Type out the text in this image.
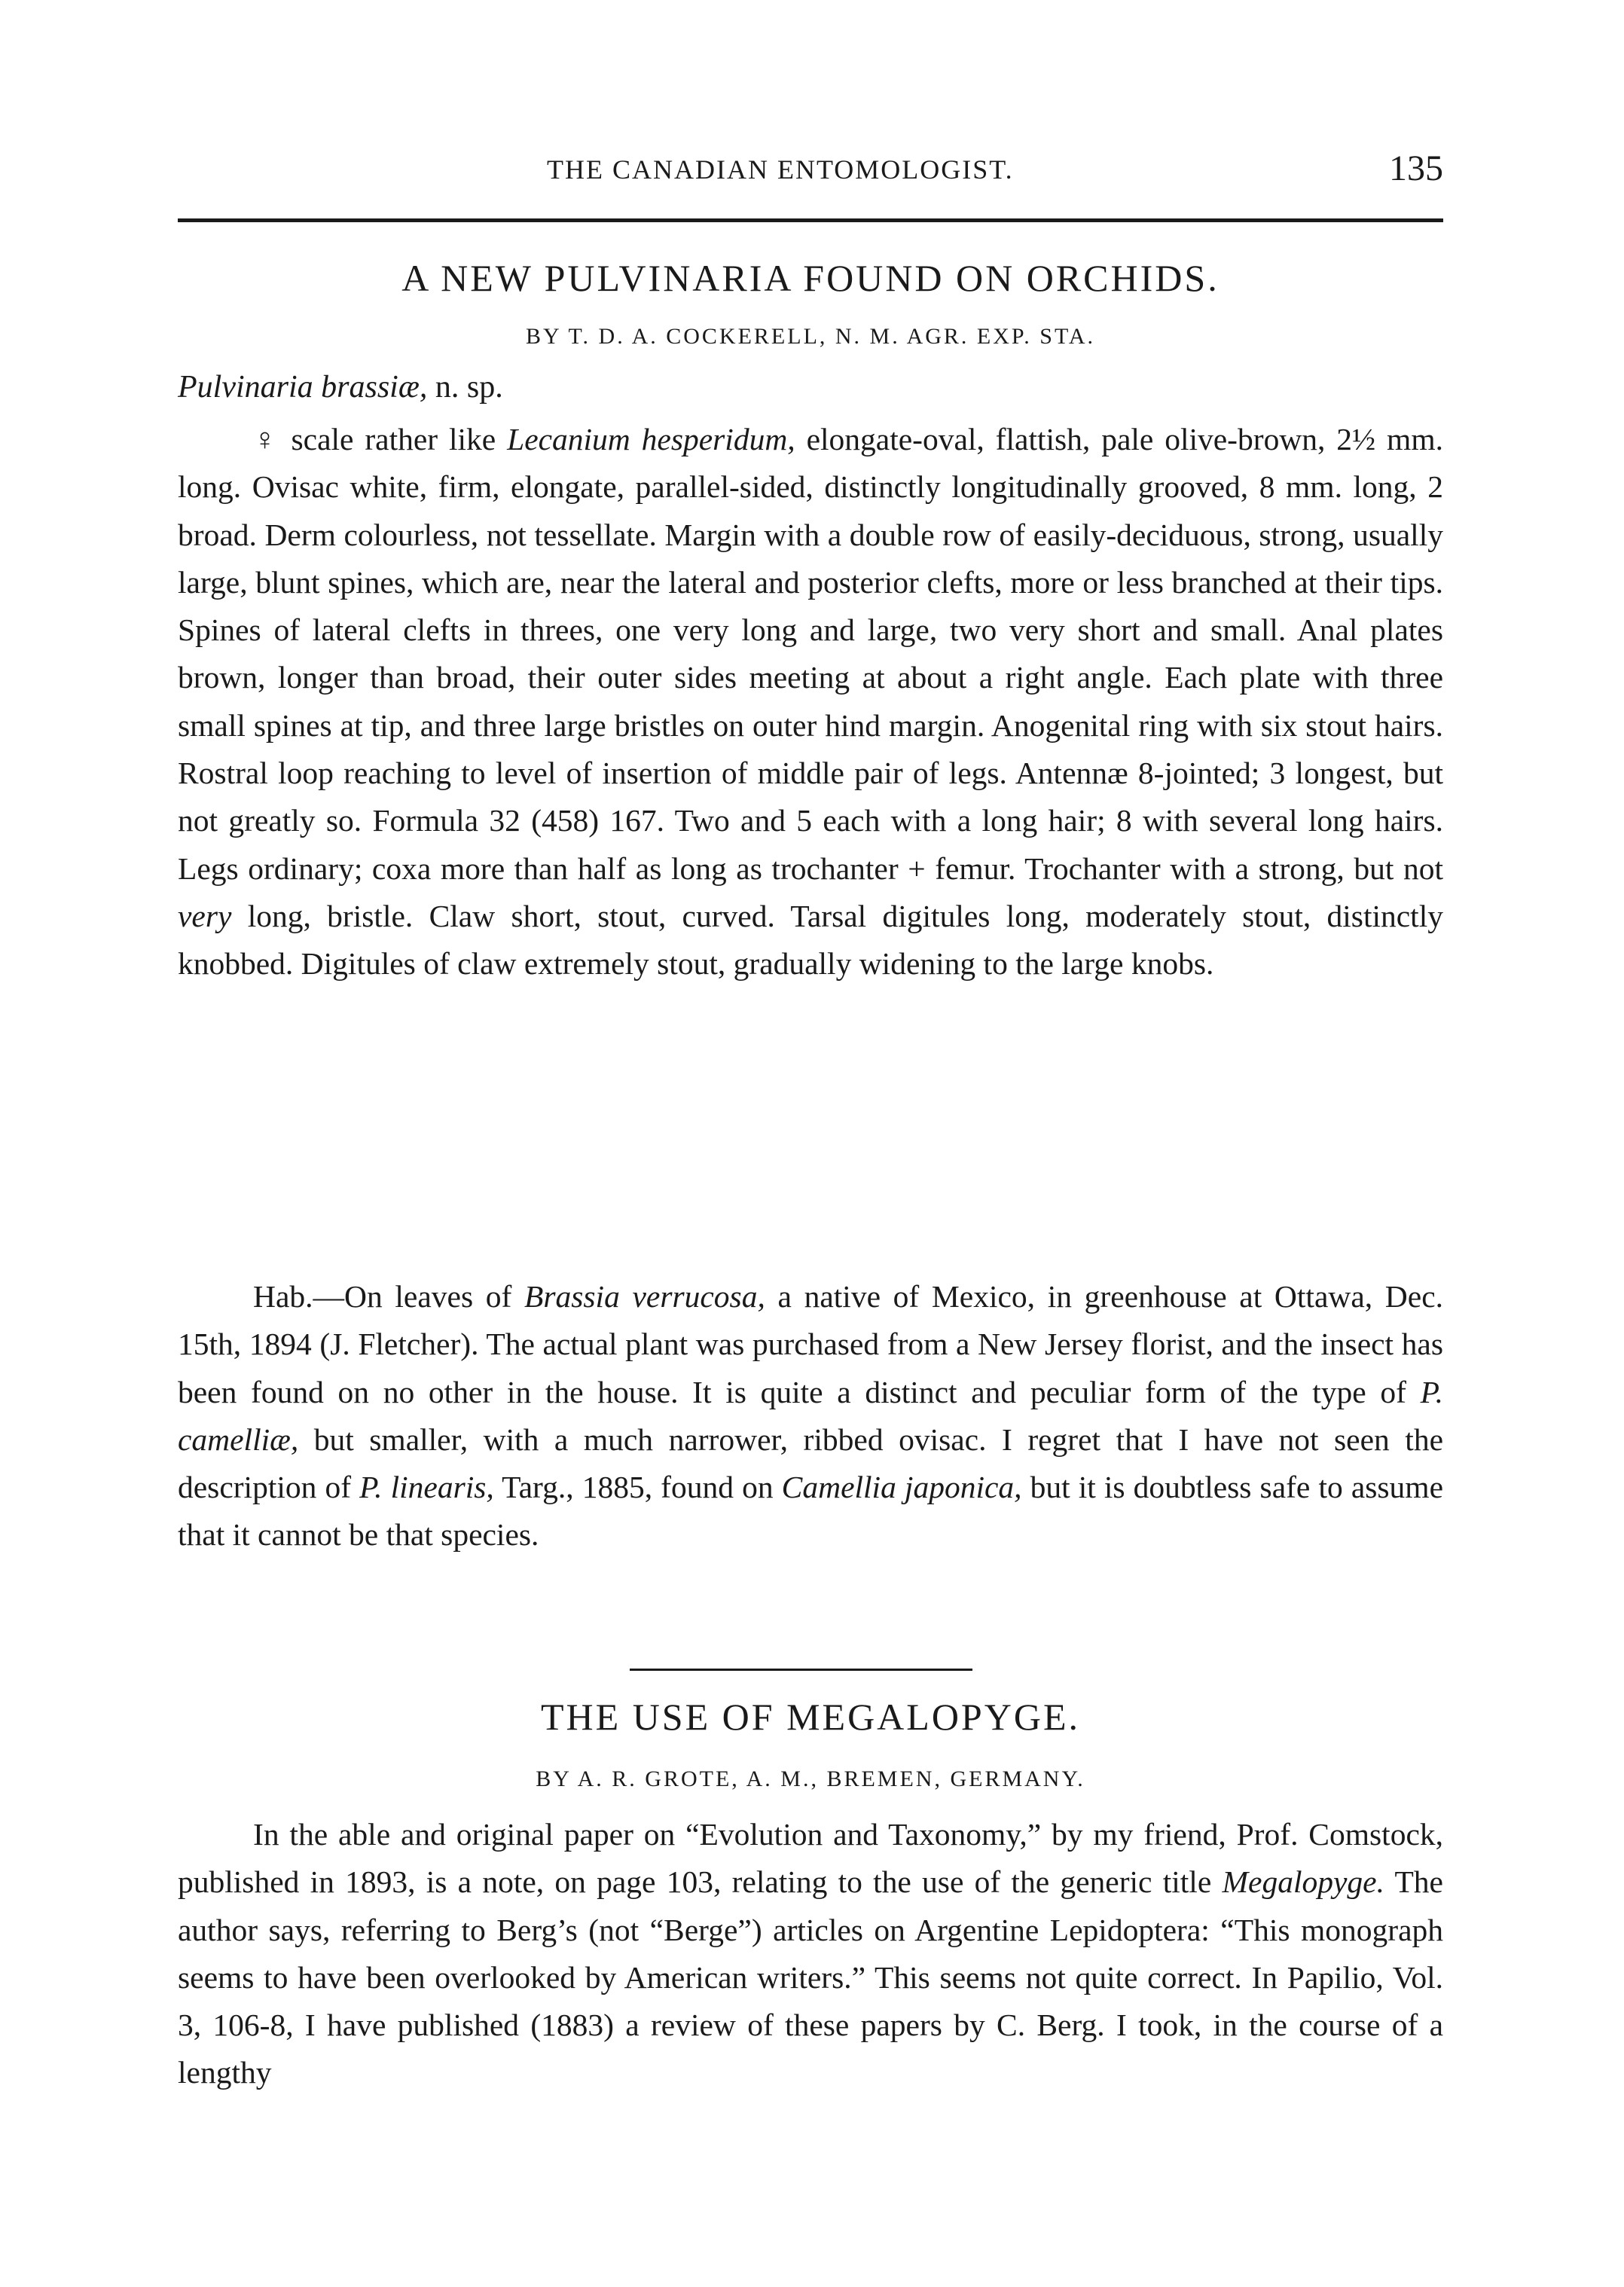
THE CANADIAN ENTOMOLOGIST.	135
A NEW PULVINARIA FOUND ON ORCHIDS.
BY T. D. A. COCKERELL, N. M. AGR. EXP. STA.
Pulvinaria brassiæ, n. sp.

♀ scale rather like Lecanium hesperidum, elongate-oval, flattish, pale olive-brown, 2½ mm. long. Ovisac white, firm, elongate, parallel-sided, distinctly longitudinally grooved, 8 mm. long, 2 broad. Derm colourless, not tessellate. Margin with a double row of easily-deciduous, strong, usually large, blunt spines, which are, near the lateral and posterior clefts, more or less branched at their tips. Spines of lateral clefts in threes, one very long and large, two very short and small. Anal plates brown, longer than broad, their outer sides meeting at about a right angle. Each plate with three small spines at tip, and three large bristles on outer hind margin. Anogenital ring with six stout hairs. Rostral loop reaching to level of insertion of middle pair of legs. Antennæ 8-jointed; 3 longest, but not greatly so. Formula 32 (458) 167. Two and 5 each with a long hair; 8 with several long hairs. Legs ordinary; coxa more than half as long as trochanter + femur. Trochanter with a strong, but not very long, bristle. Claw short, stout, curved. Tarsal digitules long, moderately stout, distinctly knobbed. Digitules of claw extremely stout, gradually widening to the large knobs.

Hab.—On leaves of Brassia verrucosa, a native of Mexico, in greenhouse at Ottawa, Dec. 15th, 1894 (J. Fletcher). The actual plant was purchased from a New Jersey florist, and the insect has been found on no other in the house. It is quite a distinct and peculiar form of the type of P. camelliæ, but smaller, with a much narrower, ribbed ovisac. I regret that I have not seen the description of P. linearis, Targ., 1885, found on Camellia japonica, but it is doubtless safe to assume that it cannot be that species.

THE USE OF MEGALOPYGE.
BY A. R. GROTE, A. M., BREMEN, GERMANY.

In the able and original paper on “Evolution and Taxonomy,” by my friend, Prof. Comstock, published in 1893, is a note, on page 103, relating to the use of the generic title Megalopyge. The author says, referring to Berg’s (not “Berge”) articles on Argentine Lepidoptera: “This monograph seems to have been overlooked by American writers.” This seems not quite correct. In Papilio, Vol. 3, 106-8, I have published (1883) a review of these papers by C. Berg. I took, in the course of a lengthy
